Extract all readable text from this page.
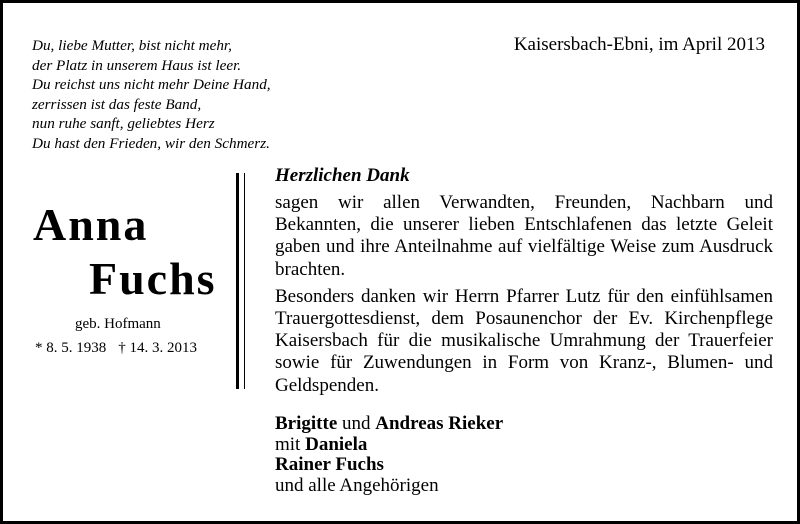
Du, liebe Mutter, bist nicht mehr,
der Platz in unserem Haus ist leer.
Du reichst uns nicht mehr Deine Hand,
zerrissen ist das feste Band,
nun ruhe sanft, geliebtes Herz
Du hast den Frieden, wir den Schmerz.

Kaisersbach-Ebni, im April 2013

Anna

Fuchs

geb. Hofmann

* 8. 5. 1938 † 14. 3. 2013

Herzlichen Dank

sagen wir allen Verwandten, Freunden, Nachbarn und Bekannten, die unserer lieben Entschlafenen das letzte Geleit gaben und ihre Anteilnahme auf vielfältige Weise zum Ausdruck brachten.

Besonders danken wir Herrn Pfarrer Lutz für den einfühlsamen Trauergottesdienst, dem Posaunenchor der Ev. Kirchenpflege Kaisersbach für die musikalische Umrahmung der Trauerfeier sowie für Zuwendungen in Form von Kranz-, Blumen- und Geldspenden.

Brigitte und Andreas Rieker
mit Daniela
Rainer Fuchs
und alle Angehörigen
